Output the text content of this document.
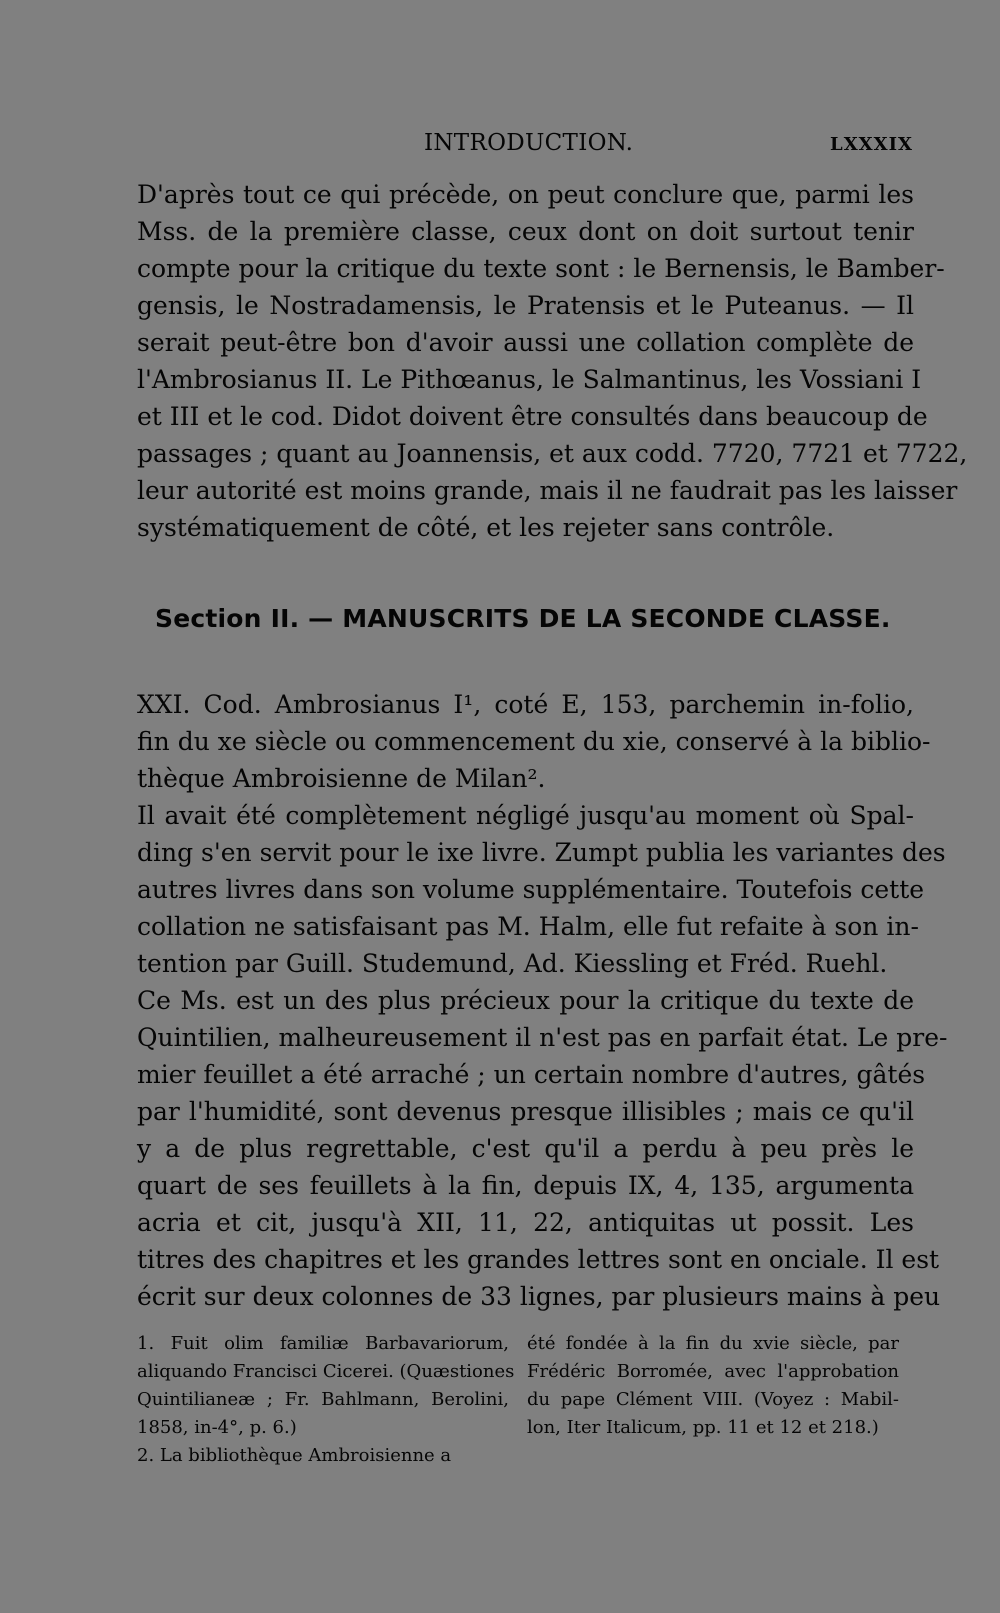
INTRODUCTION.	LXXXIX
D'après tout ce qui précède, on peut conclure que, parmi les
Mss. de la première classe, ceux dont on doit surtout tenir
compte pour la critique du texte sont : le Bernensis, le Bamber-
gensis, le Nostradamensis, le Pratensis et le Puteanus. — Il
serait peut-être bon d'avoir aussi une collation complète de
l'Ambrosianus II. Le Pithœanus, le Salmantinus, les Vossiani I
et III et le cod. Didot doivent être consultés dans beaucoup de
passages ; quant au Joannensis, et aux codd. 7720, 7721 et 7722,
leur autorité est moins grande, mais il ne faudrait pas les laisser
systématiquement de côté, et les rejeter sans contrôle.
Section II. — MANUSCRITS DE LA SECONDE CLASSE.
XXI. Cod. Ambrosianus I¹, coté E, 153, parchemin in-folio,
fin du xe siècle ou commencement du xie, conservé à la biblio-
thèque Ambroisienne de Milan².
Il avait été complètement négligé jusqu'au moment où Spal-
ding s'en servit pour le ixe livre. Zumpt publia les variantes des
autres livres dans son volume supplémentaire. Toutefois cette
collation ne satisfaisant pas M. Halm, elle fut refaite à son in-
tention par Guill. Studemund, Ad. Kiessling et Fréd. Ruehl.
Ce Ms. est un des plus précieux pour la critique du texte de
Quintilien, malheureusement il n'est pas en parfait état. Le pre-
mier feuillet a été arraché ; un certain nombre d'autres, gâtés
par l'humidité, sont devenus presque illisibles ; mais ce qu'il
y a de plus regrettable, c'est qu'il a perdu à peu près le
quart de ses feuillets à la fin, depuis IX, 4, 135, argumenta
acria et cit, jusqu'à XII, 11, 22, antiquitas ut possit. Les
titres des chapitres et les grandes lettres sont en onciale. Il est
écrit sur deux colonnes de 33 lignes, par plusieurs mains à peu
1. Fuit olim familiæ Barbavariorum,
aliquando Francisci Cicerei. (Quæstiones
Quintilianeæ ; Fr. Bahlmann, Berolini,
1858, in-4°, p. 6.)
2. La bibliothèque Ambroisienne a
été fondée à la fin du xvie siècle, par
Frédéric Borromée, avec l'approbation
du pape Clément VIII. (Voyez : Mabil-
lon, Iter Italicum, pp. 11 et 12 et 218.)
